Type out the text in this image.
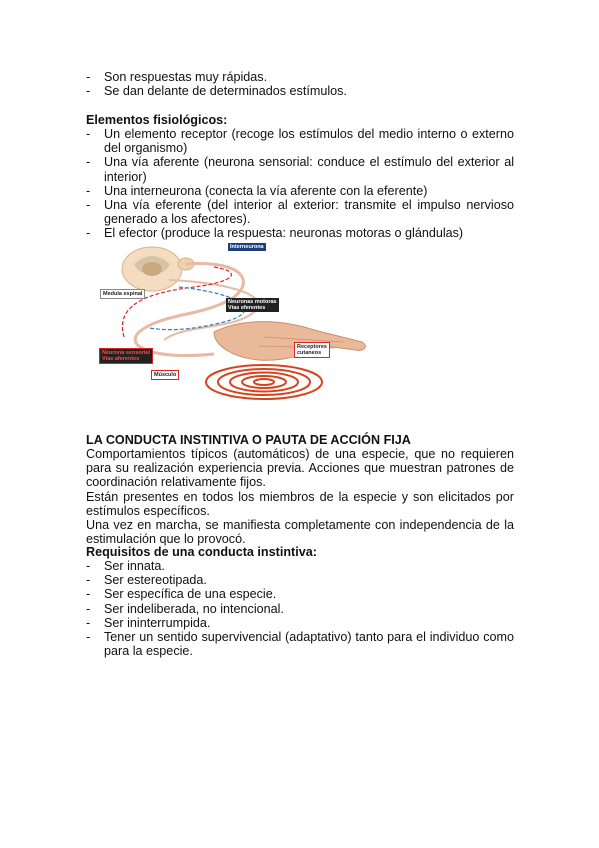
- Son respuestas muy rápidas.
- Se dan delante de determinados estímulos.
Elementos fisiológicos:
- Un elemento receptor (recoge los estímulos del medio interno o externo del organismo)
- Una vía aferente (neurona sensorial: conduce el estímulo del exterior al interior)
- Una interneurona (conecta la vía aferente con la eferente)
- Una vía eferente (del interior al exterior: transmite el impulso nervioso generado a los afectores).
- El efector (produce la respuesta: neuronas motoras o glándulas)
Interneurona
Medula espinal
Neuronas motoras
Vías eferentes
Neurona sensorial
Vías aferentes
Receptores
cutaneos
Músculo
LA CONDUCTA INSTINTIVA O PAUTA DE ACCIÓN FIJA
Comportamientos típicos (automáticos) de una especie, que no requieren para su realización experiencia previa. Acciones que muestran patrones de coordinación relativamente fijos.
Están presentes en todos los miembros de la especie y son elicitados por estímulos específicos.
Una vez en marcha, se manifiesta completamente con independencia de la estimulación que lo provocó.
Requisitos de una conducta instintiva:
- Ser innata.
- Ser estereotipada.
- Ser específica de una especie.
- Ser indeliberada, no intencional.
- Ser ininterrumpida.
- Tener un sentido supervivencial (adaptativo) tanto para el individuo como para la especie.
